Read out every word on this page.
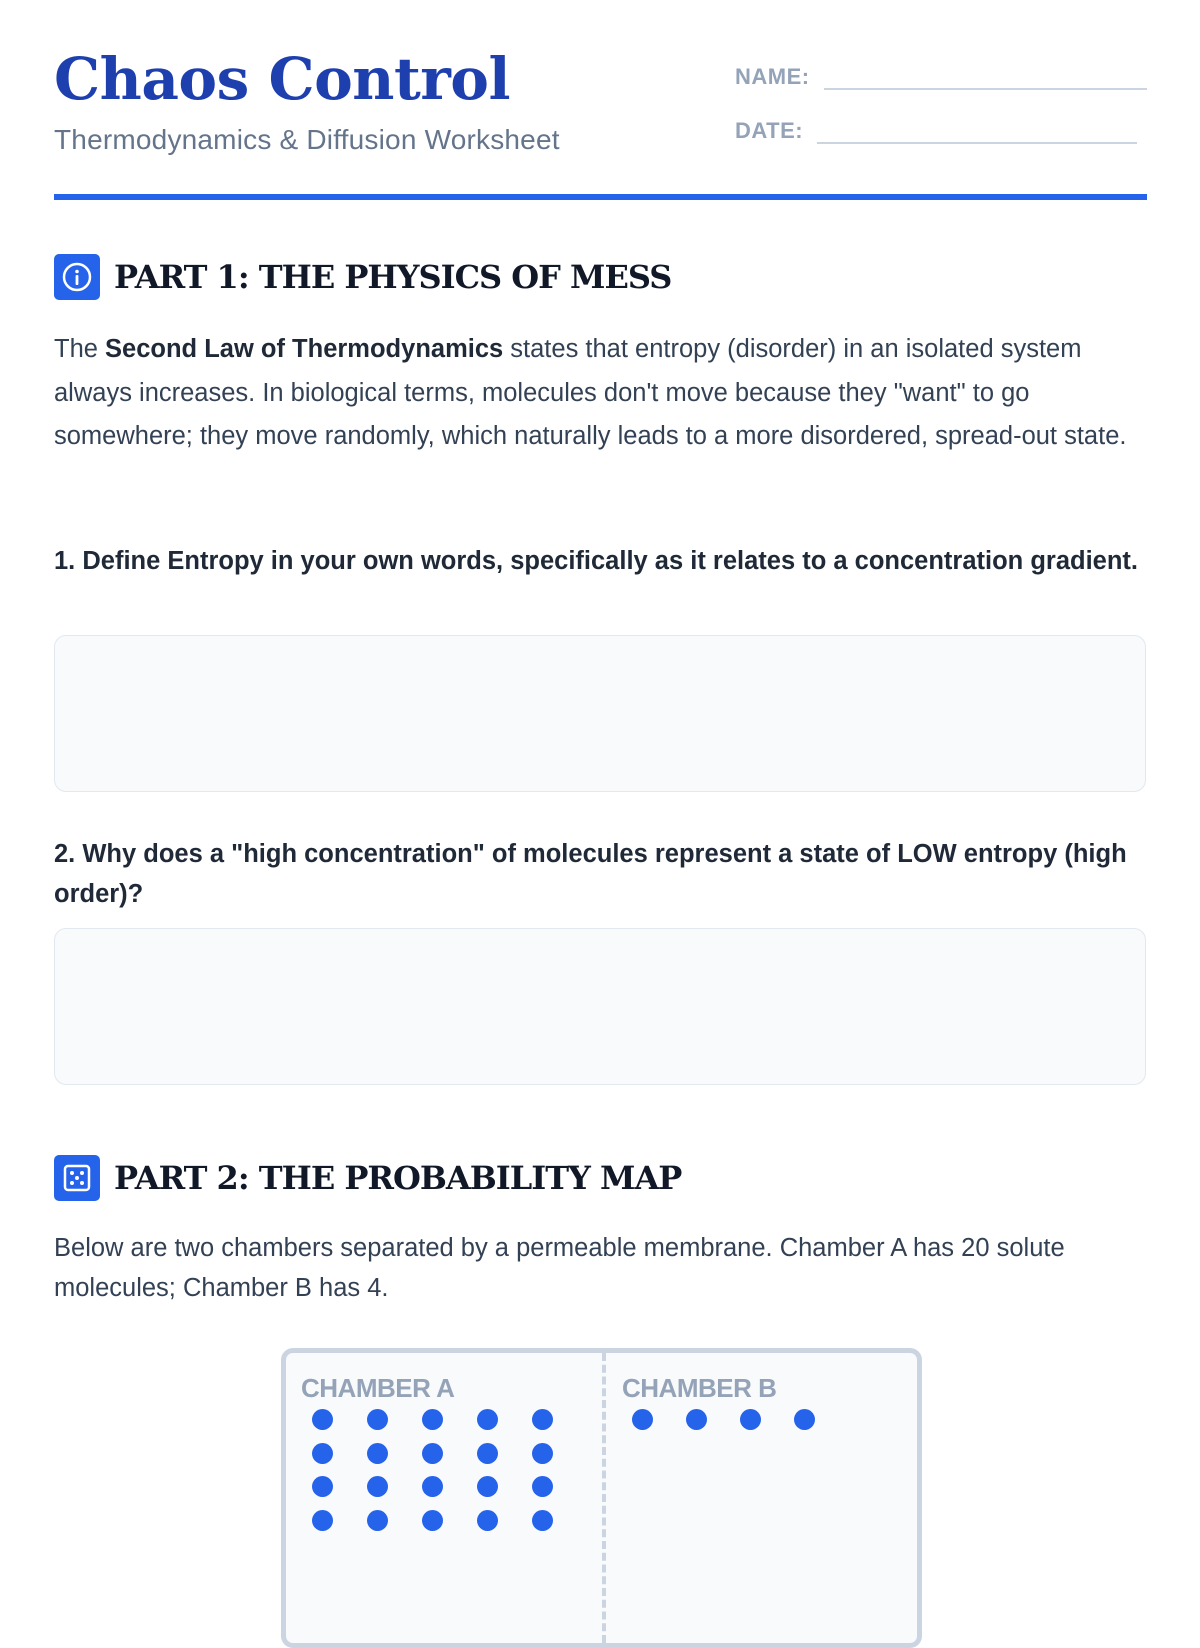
Chaos Control
Thermodynamics & Diffusion Worksheet
NAME:
DATE:
PART 1: THE PHYSICS OF MESS

The Second Law of Thermodynamics states that entropy (disorder) in an isolated system always increases. In biological terms, molecules don't move because they "want" to go somewhere; they move randomly, which naturally leads to a more disordered, spread-out state.

1. Define Entropy in your own words, specifically as it relates to a concentration gradient.

2. Why does a "high concentration" of molecules represent a state of LOW entropy (high order)?

PART 2: THE PROBABILITY MAP

Below are two chambers separated by a permeable membrane. Chamber A has 20 solute molecules; Chamber B has 4.

CHAMBER A	CHAMBER B
